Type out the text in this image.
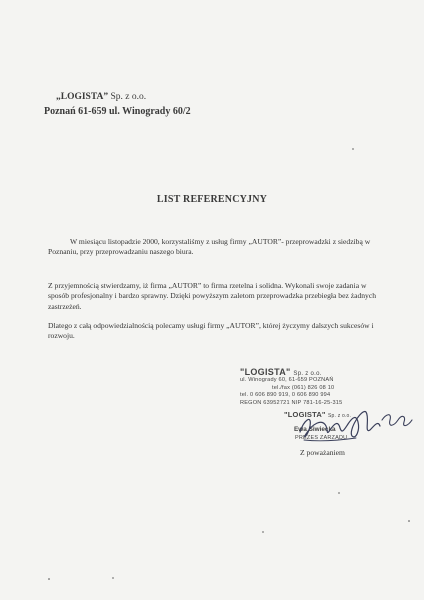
„LOGISTA” Sp. z o.o.
Poznań 61-659 ul. Winogrady 60/2
LIST REFERENCYJNY
W miesiącu listopadzie 2000, korzystaliśmy z usług firmy „AUTOR”- przeprowadzki z siedzibą w Poznaniu, przy przeprowadzaniu naszego biura.
Z przyjemnością stwierdzamy, iż firma „AUTOR” to firma rzetelna i solidna. Wykonali swoje zadania w sposób profesjonalny i bardzo sprawny. Dzięki powyższym zaletom przeprowadzka przebiegła bez żadnych zastrzeżeń.
Dlatego z całą odpowiedzialnością polecamy usługi firmy „AUTOR”, której życzymy dalszych sukcesów i rozwoju.
"LOGISTA" Sp. z o.o.
ul. Winogrady 60, 61-659 POZNAŃ
tel./fax (061) 826 08 10
tel. 0 606 890 919, 0 606 890 994
REGON 63952721 NIP 781-16-25-315
"LOGISTA" Sp. z o.o.
Ewa Siwiecka
PREZES ZARZĄDU
Z poważaniem
